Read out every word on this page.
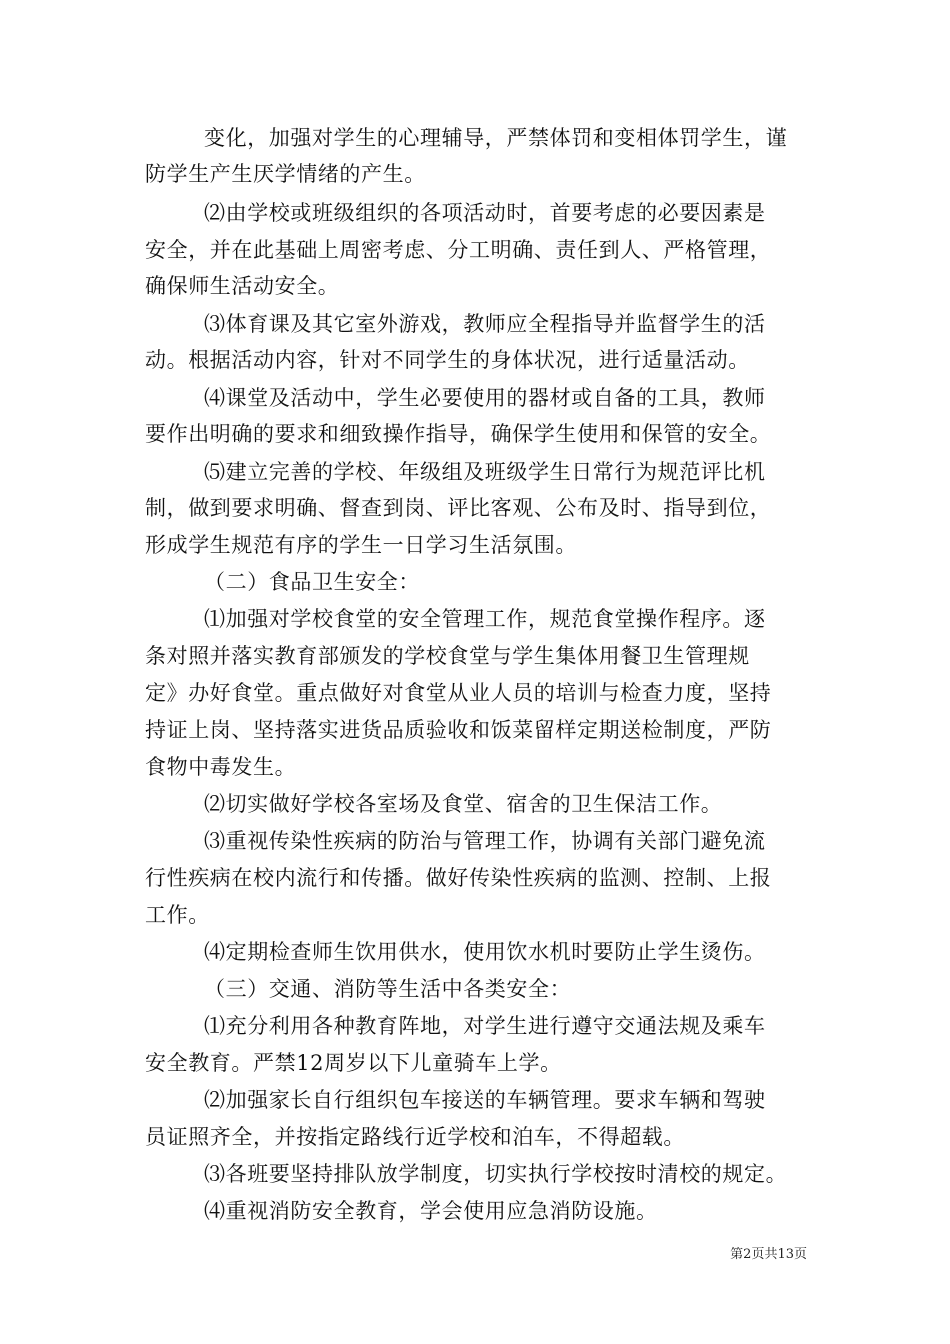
变化，加强对学生的心理辅导，严禁体罚和变相体罚学生，谨
防学生产生厌学情绪的产生。
⑵由学校或班级组织的各项活动时，首要考虑的必要因素是
安全，并在此基础上周密考虑、分工明确、责任到人、严格管理，
确保师生活动安全。
⑶体育课及其它室外游戏，教师应全程指导并监督学生的活
动。根据活动内容，针对不同学生的身体状况，进行适量活动。
⑷课堂及活动中，学生必要使用的器材或自备的工具，教师
要作出明确的要求和细致操作指导，确保学生使用和保管的安全。
⑸建立完善的学校、年级组及班级学生日常行为规范评比机
制，做到要求明确、督查到岗、评比客观、公布及时、指导到位，
形成学生规范有序的学生一日学习生活氛围。
（二）食品卫生安全：
⑴加强对学校食堂的安全管理工作，规范食堂操作程序。逐
条对照并落实教育部颁发的学校食堂与学生集体用餐卫生管理规
定》办好食堂。重点做好对食堂从业人员的培训与检查力度，坚持
持证上岗、坚持落实进货品质验收和饭菜留样定期送检制度，严防
食物中毒发生。
⑵切实做好学校各室场及食堂、宿舍的卫生保洁工作。
⑶重视传染性疾病的防治与管理工作，协调有关部门避免流
行性疾病在校内流行和传播。做好传染性疾病的监测、控制、上报
工作。
⑷定期检查师生饮用供水，使用饮水机时要防止学生烫伤。
（三）交通、消防等生活中各类安全：
⑴充分利用各种教育阵地，对学生进行遵守交通法规及乘车
安全教育。严禁12周岁以下儿童骑车上学。
⑵加强家长自行组织包车接送的车辆管理。要求车辆和驾驶
员证照齐全，并按指定路线行近学校和泊车，不得超载。
⑶各班要坚持排队放学制度，切实执行学校按时清校的规定。
⑷重视消防安全教育，学会使用应急消防设施。
第2页共13页
